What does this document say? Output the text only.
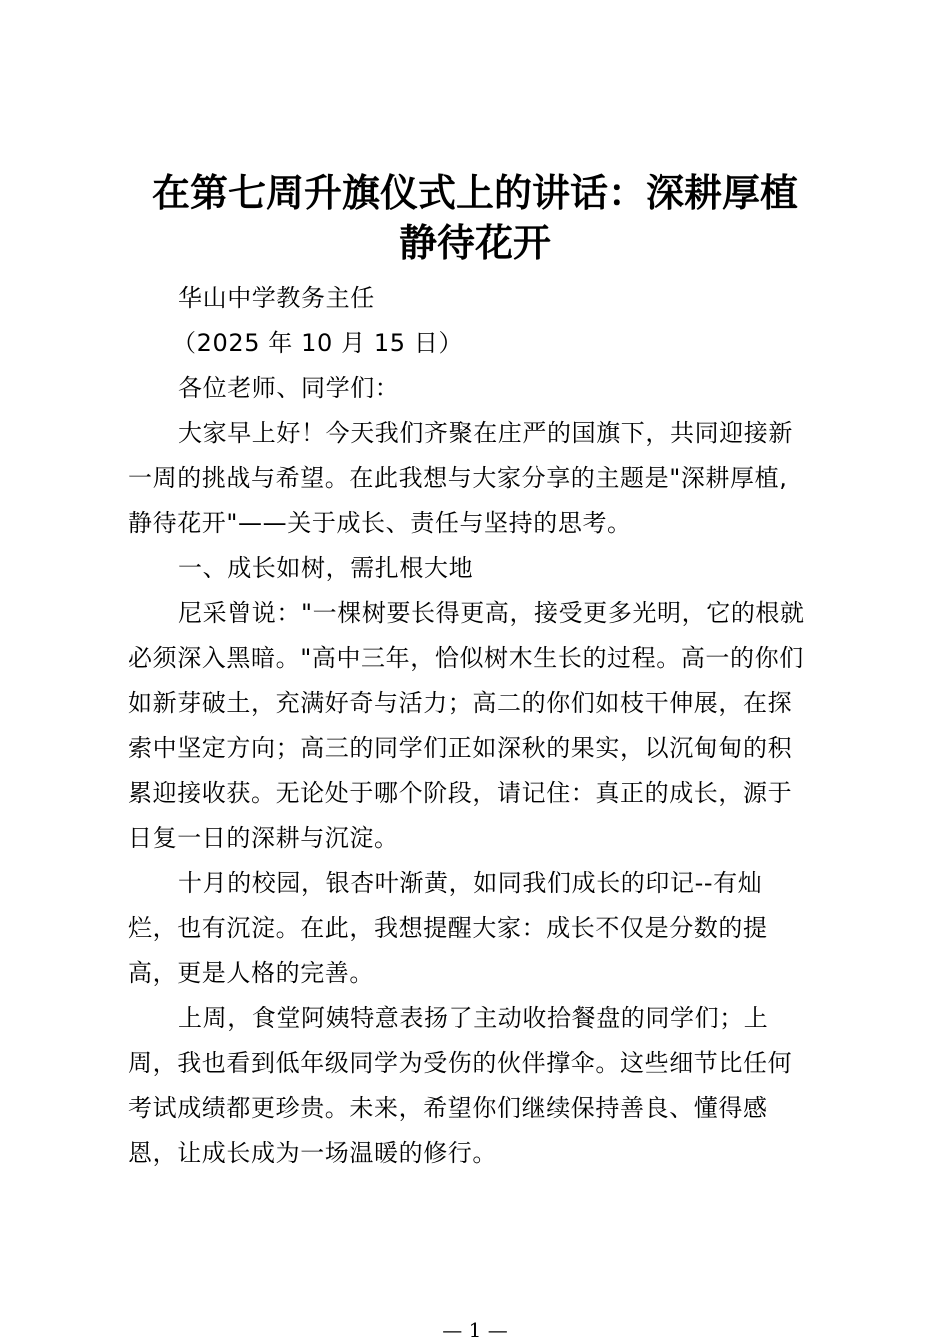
在第七周升旗仪式上的讲话：深耕厚植
静待花开
华山中学教务主任
（2025 年 10 月 15 日）
各位老师、同学们：
大家早上好！今天我们齐聚在庄严的国旗下，共同迎接新
一周的挑战与希望。在此我想与大家分享的主题是"深耕厚植,
静待花开"——关于成长、责任与坚持的思考。
一、成长如树，需扎根大地
尼采曾说："一棵树要长得更高，接受更多光明，它的根就
必须深入黑暗。"高中三年，恰似树木生长的过程。高一的你们
如新芽破土，充满好奇与活力；高二的你们如枝干伸展，在探
索中坚定方向；高三的同学们正如深秋的果实，以沉甸甸的积
累迎接收获。无论处于哪个阶段，请记住：真正的成长，源于
日复一日的深耕与沉淀。
十月的校园，银杏叶渐黄，如同我们成长的印记--有灿
烂，也有沉淀。在此，我想提醒大家：成长不仅是分数的提
高，更是人格的完善。
上周，食堂阿姨特意表扬了主动收拾餐盘的同学们；上
周，我也看到低年级同学为受伤的伙伴撑伞。这些细节比任何
考试成绩都更珍贵。未来，希望你们继续保持善良、懂得感
恩，让成长成为一场温暖的修行。
— 1 —
